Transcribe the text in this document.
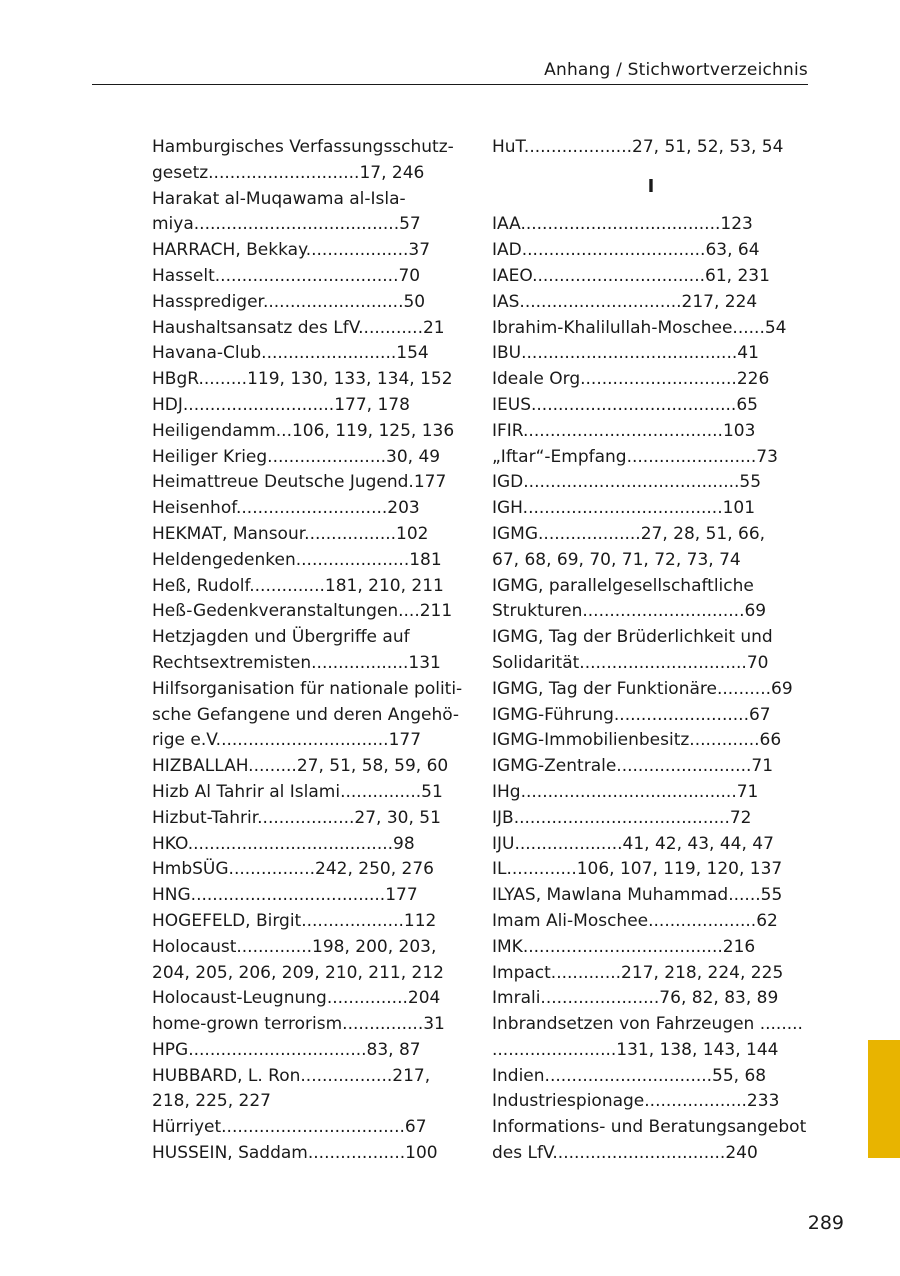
Anhang / Stichwortverzeichnis
Hamburgisches Verfassungsschutz-
gesetz............................17, 246
Harakat al-Muqawama al-Isla-
miya......................................57
HARRACH, Bekkay...................37
Hasselt..................................70
Hassprediger..........................50
Haushaltsansatz des LfV............21
Havana-Club.........................154
HBgR.........119, 130, 133, 134, 152
HDJ............................177, 178
Heiligendamm...106, 119, 125, 136
Heiliger Krieg......................30, 49
Heimattreue Deutsche Jugend.177
Heisenhof............................203
HEKMAT, Mansour.................102
Heldengedenken.....................181
Heß, Rudolf..............181, 210, 211
Heß-Gedenkveranstaltungen....211
Hetzjagden und Übergriffe auf
Rechtsextremisten..................131
Hilfsorganisation für nationale politi-
sche Gefangene und deren Angehö-
rige e.V................................177
HIZBALLAH.........27, 51, 58, 59, 60
Hizb Al Tahrir al Islami...............51
Hizbut-Tahrir..................27, 30, 51
HKO......................................98
HmbSÜG................242, 250, 276
HNG....................................177
HOGEFELD, Birgit...................112
Holocaust..............198, 200, 203,
204, 205, 206, 209, 210, 211, 212
Holocaust-Leugnung...............204
home-grown terrorism...............31
HPG.................................83, 87
HUBBARD, L. Ron.................217,
218, 225, 227
Hürriyet..................................67
HUSSEIN, Saddam..................100
HuT....................27, 51, 52, 53, 54
I
IAA.....................................123
IAD..................................63, 64
IAEO................................61, 231
IAS..............................217, 224
Ibrahim-Khalilullah-Moschee......54
IBU........................................41
Ideale Org.............................226
IEUS......................................65
IFIR.....................................103
„Iftar“-Empfang........................73
IGD........................................55
IGH.....................................101
IGMG...................27, 28, 51, 66,
67, 68, 69, 70, 71, 72, 73, 74
IGMG, parallelgesellschaftliche
Strukturen..............................69
IGMG, Tag der Brüderlichkeit und
Solidarität...............................70
IGMG, Tag der Funktionäre..........69
IGMG-Führung.........................67
IGMG-Immobilienbesitz.............66
IGMG-Zentrale.........................71
IHg........................................71
IJB........................................72
IJU....................41, 42, 43, 44, 47
IL.............106, 107, 119, 120, 137
ILYAS, Mawlana Muhammad......55
Imam Ali-Moschee....................62
IMK.....................................216
Impact.............217, 218, 224, 225
Imrali......................76, 82, 83, 89
Inbrandsetzen von Fahrzeugen ........
.......................131, 138, 143, 144
Indien...............................55, 68
Industriespionage...................233
Informations- und Beratungsangebot
des LfV................................240
289
